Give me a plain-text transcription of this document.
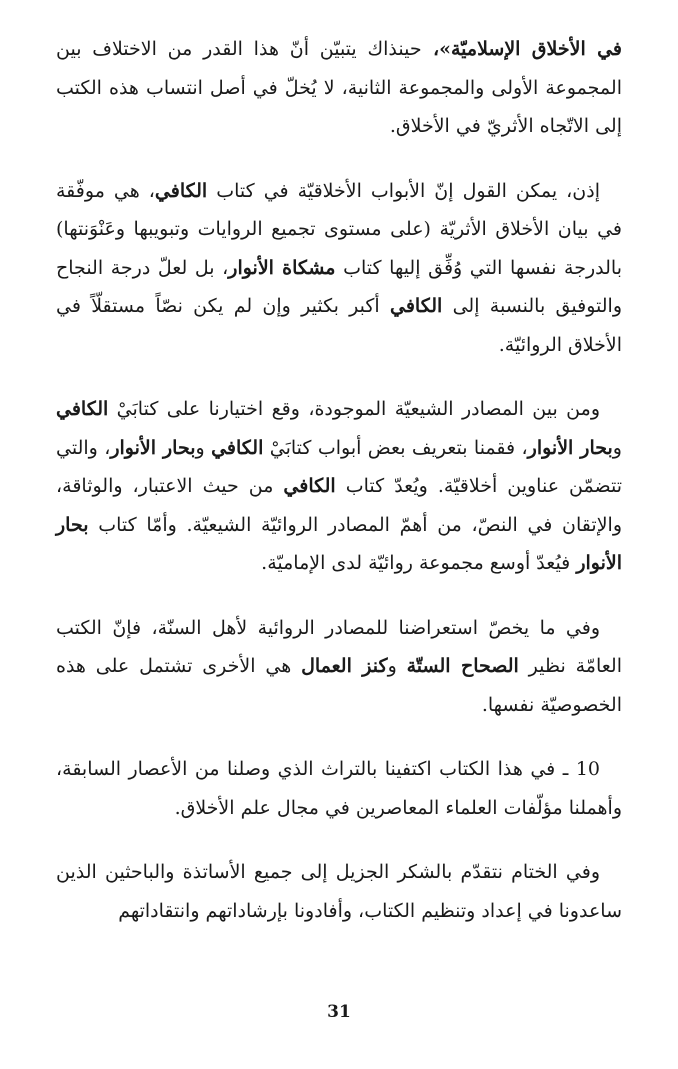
في الأخلاق الإسلاميّة»، حينذاك يتبيّن أنّ هذا القدر من الاختلاف بين المجموعة الأولى والمجموعة الثانية، لا يُخلّ في أصل انتساب هذه الكتب إلى الاتّجاه الأثريّ في الأخلاق.

إذن، يمكن القول إنّ الأبواب الأخلاقيّة في كتاب الكافي، هي موفّقة في بيان الأخلاق الأثريّة (على مستوى تجميع الروايات وتبويبها وعَنْوَنتها) بالدرجة نفسها التي وُفِّق إليها كتاب مشكاة الأنوار، بل لعلّ درجة النجاح والتوفيق بالنسبة إلى الكافي أكبر بكثير وإن لم يكن نصّاً مستقلّاً في الأخلاق الروائيّة.

ومن بين المصادر الشيعيّة الموجودة، وقع اختيارنا على كتابَيْ الكافي وبحار الأنوار، فقمنا بتعريف بعض أبواب كتابَيْ الكافي وبحار الأنوار، والتي تتضمّن عناوين أخلاقيّة. ويُعدّ كتاب الكافي من حيث الاعتبار، والوثاقة، والإتقان في النصّ، من أهمّ المصادر الروائيّة الشيعيّة. وأمّا كتاب بحار الأنوار فيُعدّ أوسع مجموعة روائيّة لدى الإماميّة.

وفي ما يخصّ استعراضنا للمصادر الروائية لأهل السنّة، فإنّ الكتب العامّة نظير الصحاح الستّة وكنز العمال هي الأخرى تشتمل على هذه الخصوصيّة نفسها.

10 ـ في هذا الكتاب اكتفينا بالتراث الذي وصلنا من الأعصار السابقة، وأهملنا مؤلّفات العلماء المعاصرين في مجال علم الأخلاق.

وفي الختام نتقدّم بالشكر الجزيل إلى جميع الأساتذة والباحثين الذين ساعدونا في إعداد وتنظيم الكتاب، وأفادونا بإرشاداتهم وانتقاداتهم

31
